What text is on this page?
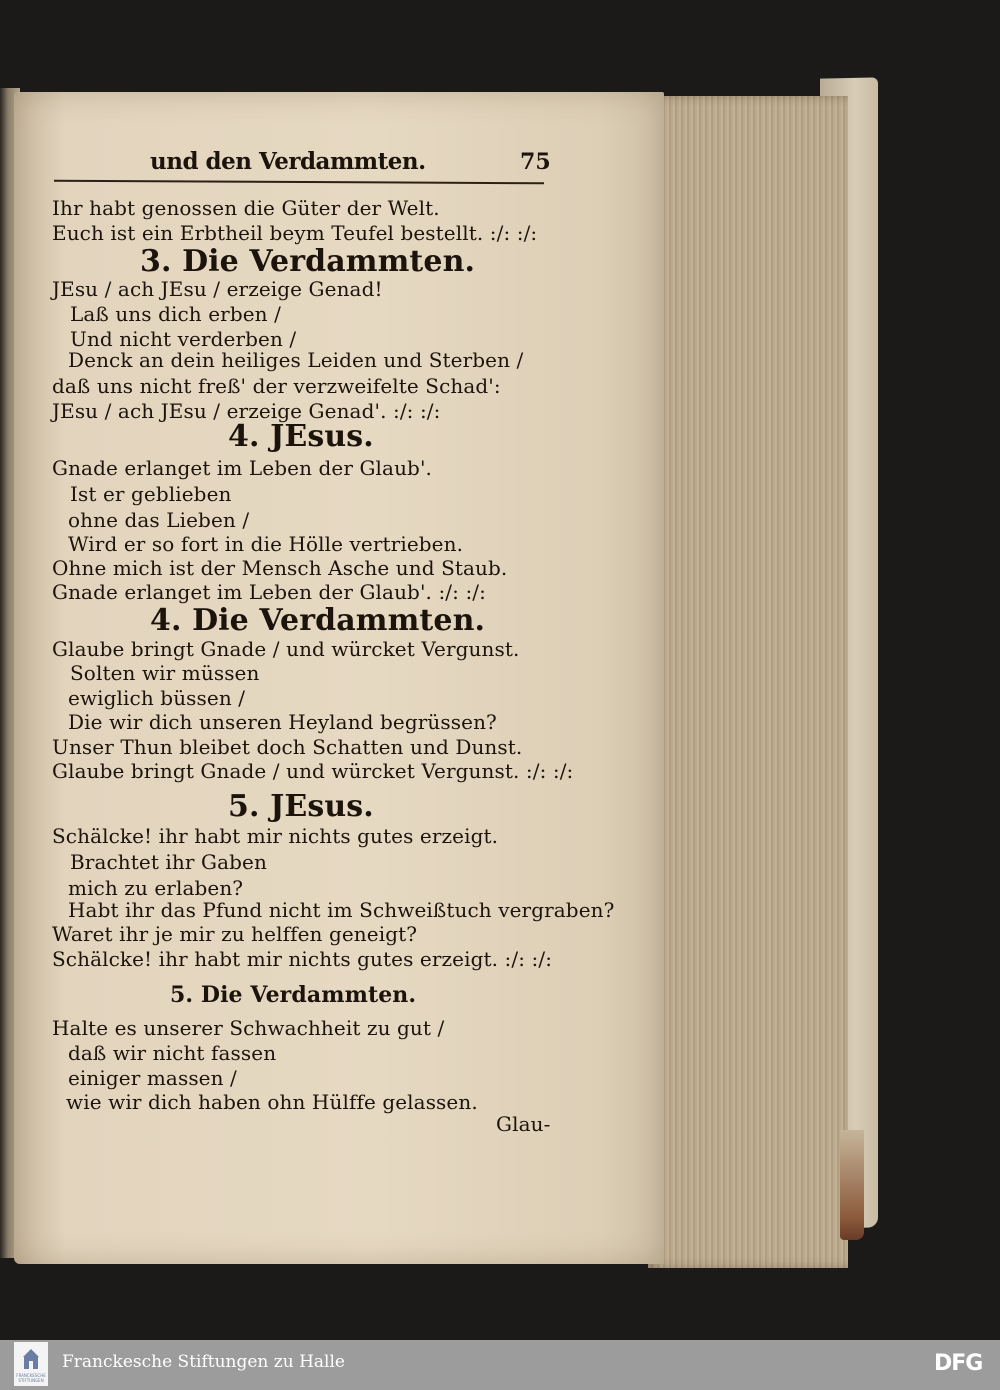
und den Verdammten.	75
Ihr habt genossen die Güter der Welt.
Euch ist ein Erbtheil beym Teufel bestellt. :/: :/:
3. Die Verdammten.
JEsu / ach JEsu / erzeige Genad!
Laß uns dich erben /
Und nicht verderben /
Denck an dein heiliges Leiden und Sterben /
daß uns nicht freß' der verzweifelte Schad':
JEsu / ach JEsu / erzeige Genad'. :/: :/:
4. JEsus.
Gnade erlanget im Leben der Glaub'.
Ist er geblieben
ohne das Lieben /
Wird er so fort in die Hölle vertrieben.
Ohne mich ist der Mensch Asche und Staub.
Gnade erlanget im Leben der Glaub'. :/: :/:
4. Die Verdammten.
Glaube bringt Gnade / und würcket Vergunst.
Solten wir müssen
ewiglich büssen /
Die wir dich unseren Heyland begrüssen?
Unser Thun bleibet doch Schatten und Dunst.
Glaube bringt Gnade / und würcket Vergunst. :/: :/:
5. JEsus.
Schälcke! ihr habt mir nichts gutes erzeigt.
Brachtet ihr Gaben
mich zu erlaben?
Habt ihr das Pfund nicht im Schweißtuch vergraben?
Waret ihr je mir zu helffen geneigt?
Schälcke! ihr habt mir nichts gutes erzeigt. :/: :/:
5. Die Verdammten.
Halte es unserer Schwachheit zu gut /
daß wir nicht fassen
einiger massen /
wie wir dich haben ohn Hülffe gelassen.
Glau-
FRANCKESCHE STIFTUNGEN
Franckesche Stiftungen zu Halle	DFG
